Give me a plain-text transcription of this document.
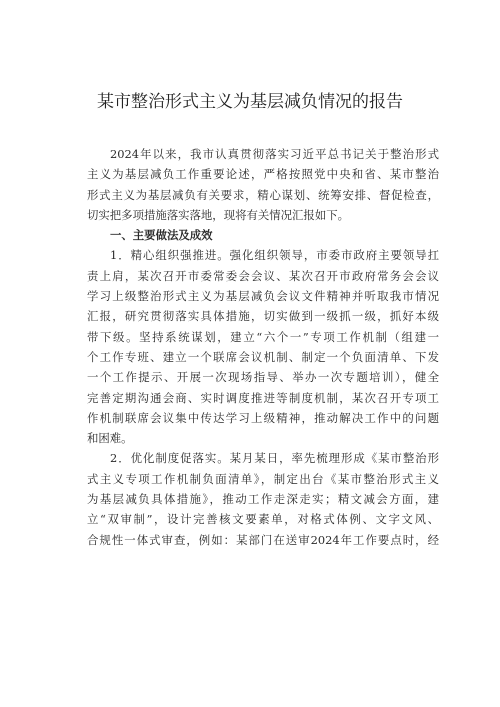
某市整治形式主义为基层减负情况的报告
2024年以来，我市认真贯彻落实习近平总书记关于整治形式
主义为基层减负工作重要论述，严格按照党中央和省、某市整治
形式主义为基层减负有关要求，精心谋划、统筹安排、督促检查，
切实把多项措施落实落地，现将有关情况汇报如下。
一、主要做法及成效
1．精心组织强推进。强化组织领导，市委市政府主要领导扛
责上肩，某次召开市委常委会会议、某次召开市政府常务会会议
学习上级整治形式主义为基层减负会议文件精神并听取我市情况
汇报，研究贯彻落实具体措施，切实做到一级抓一级，抓好本级
带下级。坚持系统谋划，建立“六个一”专项工作机制（组建一
个工作专班、建立一个联席会议机制、制定一个负面清单、下发
一个工作提示、开展一次现场指导、举办一次专题培训），健全
完善定期沟通会商、实时调度推进等制度机制，某次召开专项工
作机制联席会议集中传达学习上级精神，推动解决工作中的问题
和困难。
2．优化制度促落实。某月某日，率先梳理形成《某市整治形
式主义专项工作机制负面清单》，制定出台《某市整治形式主义
为基层减负具体措施》，推动工作走深走实；精文减会方面，建
立“双审制”，设计完善核文要素单，对格式体例、文字文风、
合规性一体式审查，例如：某部门在送审2024年工作要点时，经
